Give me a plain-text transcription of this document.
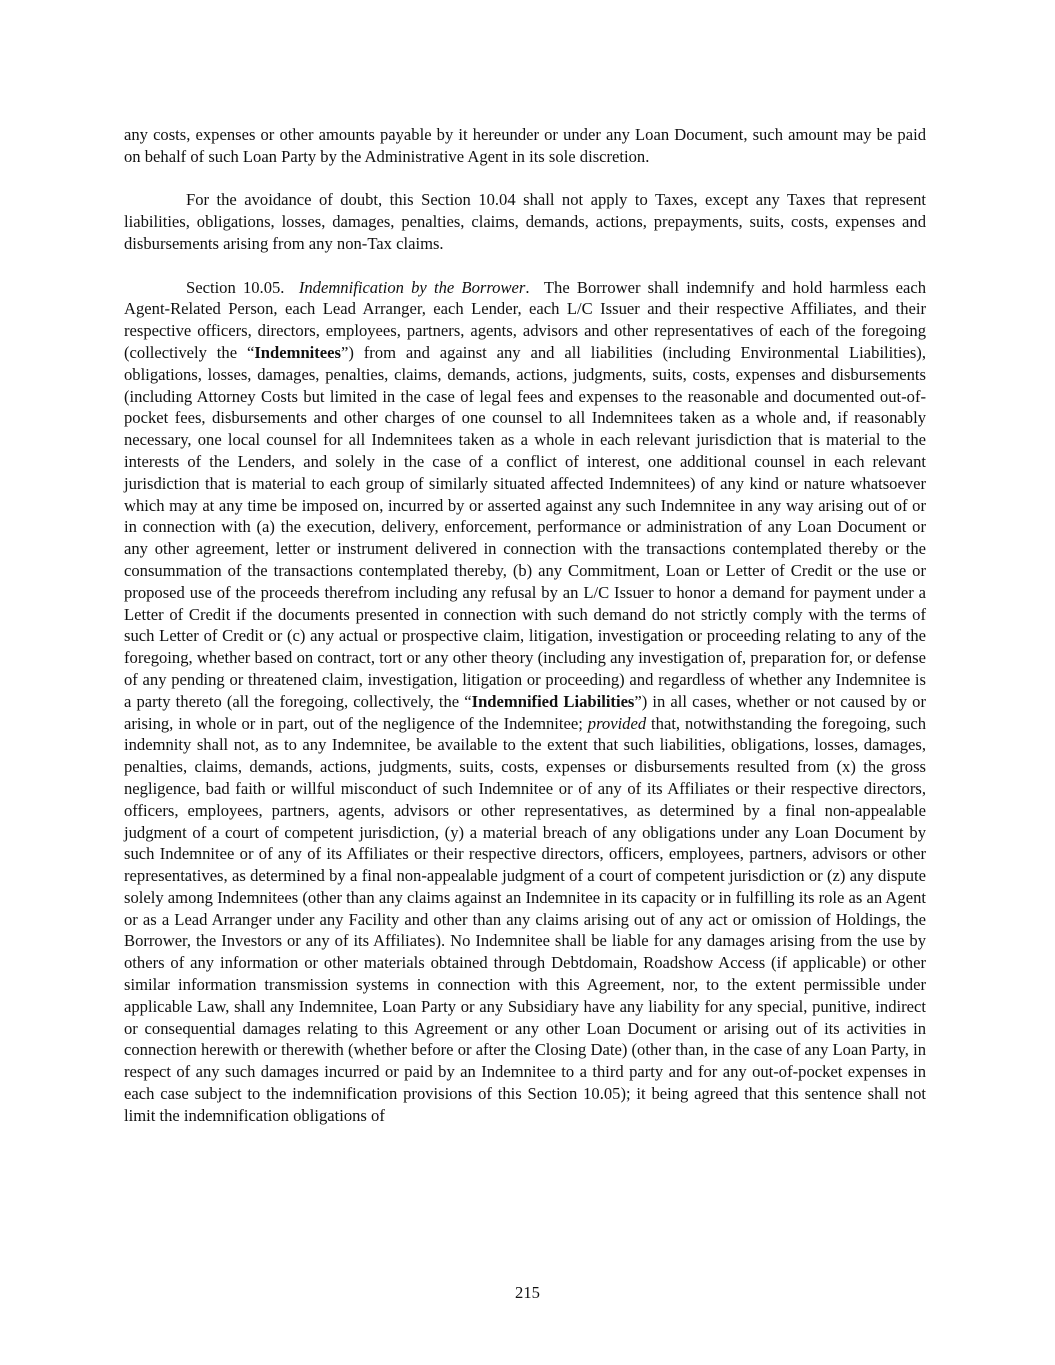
any costs, expenses or other amounts payable by it hereunder or under any Loan Document, such amount may be paid on behalf of such Loan Party by the Administrative Agent in its sole discretion.

For the avoidance of doubt, this Section 10.04 shall not apply to Taxes, except any Taxes that represent liabilities, obligations, losses, damages, penalties, claims, demands, actions, prepayments, suits, costs, expenses and disbursements arising from any non-Tax claims.

Section 10.05. Indemnification by the Borrower. The Borrower shall indemnify and hold harmless each Agent-Related Person, each Lead Arranger, each Lender, each L/C Issuer and their respective Affiliates, and their respective officers, directors, employees, partners, agents, advisors and other representatives of each of the foregoing (collectively the “Indemnitees”) from and against any and all liabilities (including Environmental Liabilities), obligations, losses, damages, penalties, claims, demands, actions, judgments, suits, costs, expenses and disbursements (including Attorney Costs but limited in the case of legal fees and expenses to the reasonable and documented out-of-pocket fees, disbursements and other charges of one counsel to all Indemnitees taken as a whole and, if reasonably necessary, one local counsel for all Indemnitees taken as a whole in each relevant jurisdiction that is material to the interests of the Lenders, and solely in the case of a conflict of interest, one additional counsel in each relevant jurisdiction that is material to each group of similarly situated affected Indemnitees) of any kind or nature whatsoever which may at any time be imposed on, incurred by or asserted against any such Indemnitee in any way arising out of or in connection with (a) the execution, delivery, enforcement, performance or administration of any Loan Document or any other agreement, letter or instrument delivered in connection with the transactions contemplated thereby or the consummation of the transactions contemplated thereby, (b) any Commitment, Loan or Letter of Credit or the use or proposed use of the proceeds therefrom including any refusal by an L/C Issuer to honor a demand for payment under a Letter of Credit if the documents presented in connection with such demand do not strictly comply with the terms of such Letter of Credit or (c) any actual or prospective claim, litigation, investigation or proceeding relating to any of the foregoing, whether based on contract, tort or any other theory (including any investigation of, preparation for, or defense of any pending or threatened claim, investigation, litigation or proceeding) and regardless of whether any Indemnitee is a party thereto (all the foregoing, collectively, the “Indemnified Liabilities”) in all cases, whether or not caused by or arising, in whole or in part, out of the negligence of the Indemnitee; provided that, notwithstanding the foregoing, such indemnity shall not, as to any Indemnitee, be available to the extent that such liabilities, obligations, losses, damages, penalties, claims, demands, actions, judgments, suits, costs, expenses or disbursements resulted from (x) the gross negligence, bad faith or willful misconduct of such Indemnitee or of any of its Affiliates or their respective directors, officers, employees, partners, agents, advisors or other representatives, as determined by a final non-appealable judgment of a court of competent jurisdiction, (y) a material breach of any obligations under any Loan Document by such Indemnitee or of any of its Affiliates or their respective directors, officers, employees, partners, advisors or other representatives, as determined by a final non-appealable judgment of a court of competent jurisdiction or (z) any dispute solely among Indemnitees (other than any claims against an Indemnitee in its capacity or in fulfilling its role as an Agent or as a Lead Arranger under any Facility and other than any claims arising out of any act or omission of Holdings, the Borrower, the Investors or any of its Affiliates). No Indemnitee shall be liable for any damages arising from the use by others of any information or other materials obtained through Debtdomain, Roadshow Access (if applicable) or other similar information transmission systems in connection with this Agreement, nor, to the extent permissible under applicable Law, shall any Indemnitee, Loan Party or any Subsidiary have any liability for any special, punitive, indirect or consequential damages relating to this Agreement or any other Loan Document or arising out of its activities in connection herewith or therewith (whether before or after the Closing Date) (other than, in the case of any Loan Party, in respect of any such damages incurred or paid by an Indemnitee to a third party and for any out-of-pocket expenses in each case subject to the indemnification provisions of this Section 10.05); it being agreed that this sentence shall not limit the indemnification obligations of

215
